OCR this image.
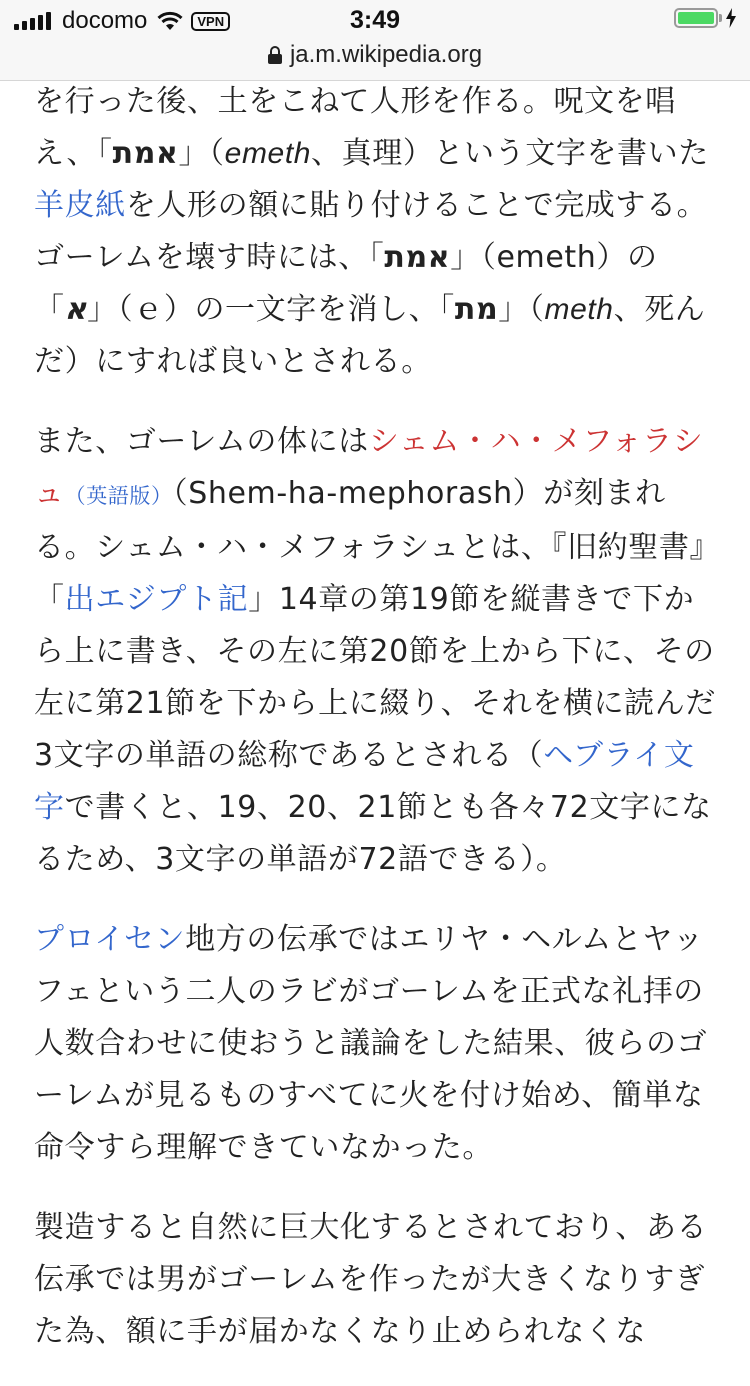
docomo	VPN	3:49
ja.m.wikipedia.org

を行った後、土をこねて人形を作る。呪文を唱え、「אמת」（emeth、真理）という文字を書いた羊皮紙を人形の額に貼り付けることで完成する。ゴーレムを壊す時には、「אמת」（emeth）の「א」（ｅ）の一文字を消し、「מת」（meth、死んだ）にすれば良いとされる。

また、ゴーレムの体にはシェム・ハ・メフォラシュ（英語版）（Shem-ha-mephorash）が刻まれる。シェム・ハ・メフォラシュとは、『旧約聖書』「出エジプト記」14章の第19節を縦書きで下から上に書き、その左に第20節を上から下に、その左に第21節を下から上に綴り、それを横に読んだ3文字の単語の総称であるとされる（ヘブライ文字で書くと、19、20、21節とも各々72文字になるため、3文字の単語が72語できる）。

プロイセン地方の伝承ではエリヤ・ヘルムとヤッフェという二人のラビがゴーレムを正式な礼拝の人数合わせに使おうと議論をした結果、彼らのゴーレムが見るものすべてに火を付け始め、簡単な命令すら理解できていなかった。

製造すると自然に巨大化するとされており、ある伝承では男がゴーレムを作ったが大きくなりすぎた為、額に手が届かなくなり止められなくな
